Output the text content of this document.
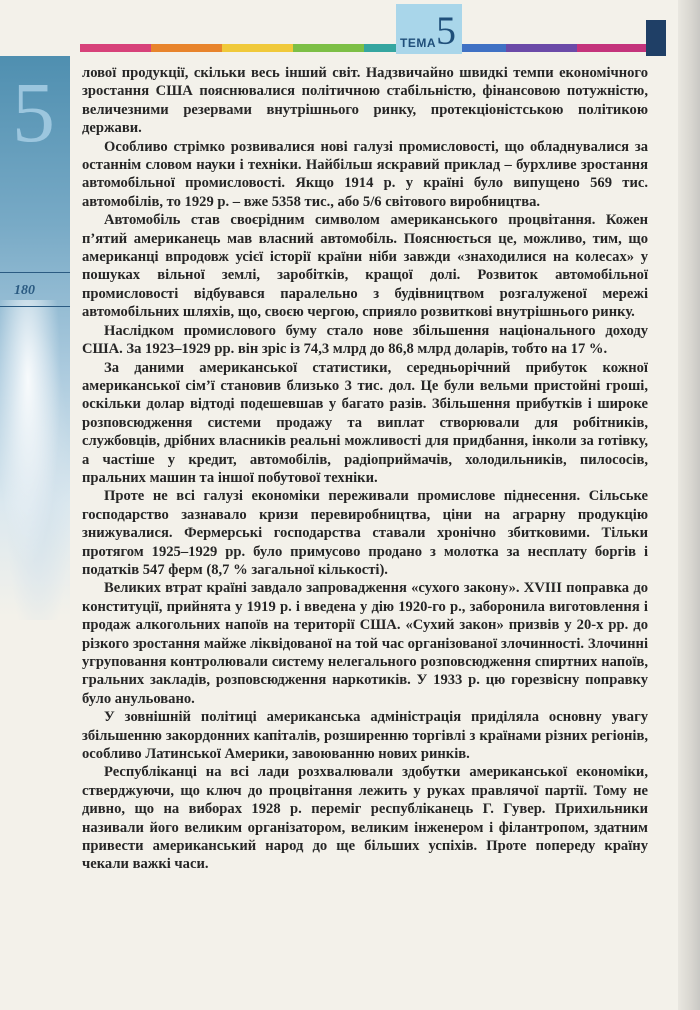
ТЕМА 5
5
180

лової продукції, скільки весь інший світ. Надзвичайно швидкі темпи економічного зростання США пояснювалися політичною стабільністю, фінансовою потужністю, величезними резервами внутрішнього ринку, протекціоністською політикою держави.

Особливо стрімко розвивалися нові галузі промисловості, що обладнувалися за останнім словом науки і техніки. Найбільш яскравий приклад – бурхливе зростання автомобільної промисловості. Якщо 1914 р. у країні було випущено 569 тис. автомобілів, то 1929 р. – вже 5358 тис., або 5/6 світового виробництва.

Автомобіль став своєрідним символом американського процвітання. Кожен п’ятий американець мав власний автомобіль. Пояснюється це, можливо, тим, що американці впродовж усієї історії країни ніби завжди «знаходилися на колесах» у пошуках вільної землі, заробітків, кращої долі. Розвиток автомобільної промисловості відбувався паралельно з будівництвом розгалуженої мережі автомобільних шляхів, що, своєю чергою, сприяло розвиткові внутрішнього ринку.

Наслідком промислового буму стало нове збільшення національного доходу США. За 1923–1929 рр. він зріс із 74,3 млрд до 86,8 млрд доларів, тобто на 17 %.

За даними американської статистики, середньорічний прибуток кожної американської сім’ї становив близько 3 тис. дол. Це були вельми пристойні гроші, оскільки долар відтоді подешевшав у багато разів. Збільшення прибутків і широке розповсюдження системи продажу та виплат створювали для робітників, службовців, дрібних власників реальні можливості для придбання, інколи за готівку, а частіше у кредит, автомобілів, радіоприймачів, холодильників, пилососів, пральних машин та іншої побутової техніки.

Проте не всі галузі економіки переживали промислове піднесення. Сільське господарство зазнавало кризи перевиробництва, ціни на аграрну продукцію знижувалися. Фермерські господарства ставали хронічно збитковими. Тільки протягом 1925–1929 рр. було примусово продано з молотка за несплату боргів і податків 547 ферм (8,7 % загальної кількості).

Великих втрат країні завдало запровадження «сухого закону». XVIII поправка до конституції, прийнята у 1919 р. і введена у дію 1920-го р., заборонила виготовлення і продаж алкогольних напоїв на території США. «Сухий закон» призвів у 20-х рр. до різкого зростання майже ліквідованої на той час організованої злочинності. Злочинні угруповання контролювали систему нелегального розповсюдження спиртних напоїв, гральних закладів, розповсюдження наркотиків. У 1933 р. цю горезвісну поправку було анульовано.

У зовнішній політиці американська адміністрація приділяла основну увагу збільшенню закордонних капіталів, розширенню торгівлі з країнами різних регіонів, особливо Латинської Америки, завоюванню нових ринків.

Республіканці на всі лади розхвалювали здобутки американської економіки, стверджуючи, що ключ до процвітання лежить у руках правлячої партії. Тому не дивно, що на виборах 1928 р. переміг республіканець Г. Гувер. Прихильники називали його великим організатором, великим інженером і філантропом, здатним привести американський народ до ще більших успіхів. Проте попереду країну чекали важкі часи.
